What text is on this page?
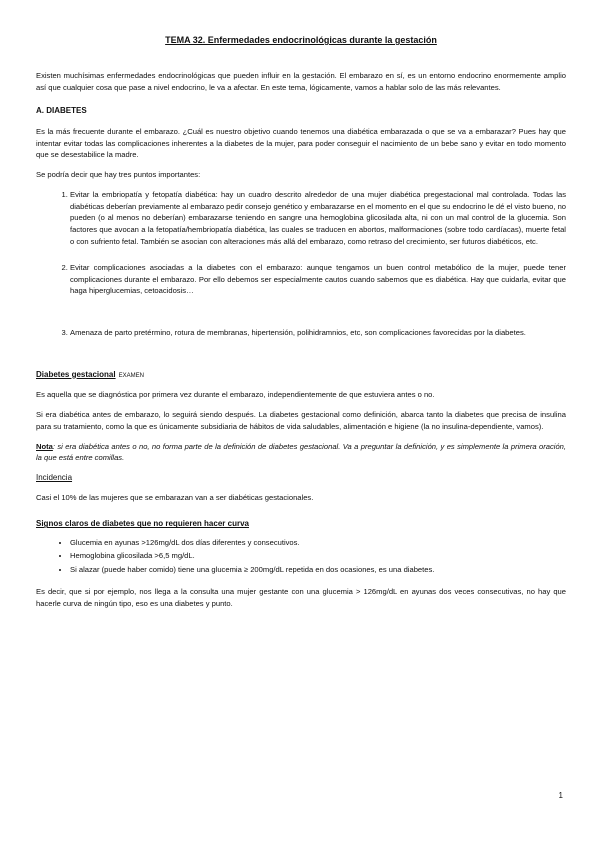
TEMA 32. Enfermedades endocrinológicas durante la gestación

Existen muchísimas enfermedades endocrinológicas que pueden influir en la gestación. El embarazo en sí, es un entorno endocrino enormemente amplio así que cualquier cosa que pase a nivel endocrino, le va a afectar. En este tema, lógicamente, vamos a hablar solo de las más relevantes.

A. DIABETES

Es la más frecuente durante el embarazo. ¿Cuál es nuestro objetivo cuando tenemos una diabética embarazada o que se va a embarazar? Pues hay que intentar evitar todas las complicaciones inherentes a la diabetes de la mujer, para poder conseguir el nacimiento de un bebe sano y evitar en todo momento que se desestabilice la madre.

Se podría decir que hay tres puntos importantes:

1. Evitar la embriopatía y fetopatía diabética: hay un cuadro descrito alrededor de una mujer diabética pregestacional mal controlada. Todas las diabéticas deberían previamente al embarazo pedir consejo genético y embarazarse en el momento en el que su endocrino le dé el visto bueno, no pueden (o al menos no deberían) embarazarse teniendo en sangre una hemoglobina glicosilada alta, ni con un mal control de la glucemia. Son factores que avocan a la fetopatía/hembriopatía diabética, las cuales se traducen en abortos, malformaciones (sobre todo cardíacas), muerte fetal o con sufriento fetal. También se asocian con alteraciones más allá del embarazo, como retraso del crecimiento, ser futuros diabéticos, etc.
2. Evitar complicaciones asociadas a la diabetes con el embarazo: aunque tengamos un buen control metabólico de la mujer, puede tener complicaciones durante el embarazo. Por ello debemos ser especialmente cautos cuando sabemos que es diabética. Hay que cuidarla, evitar que haga hiperglucemias, cetoacidosis…
3. Amenaza de parto pretérmino, rotura de membranas, hipertensión, polihidramnios, etc, son complicaciones favorecidas por la diabetes.
Diabetes gestacional EXAMEN

Es aquella que se diagnóstica por primera vez durante el embarazo, independientemente de que estuviera antes o no.

Si era diabética antes de embarazo, lo seguirá siendo después. La diabetes gestacional como definición, abarca tanto la diabetes que precisa de insulina para su tratamiento, como la que es únicamente subsidiaria de hábitos de vida saludables, alimentación e higiene (la no insulina-dependiente, vamos).

Nota: si era diabética antes o no, no forma parte de la definición de diabetes gestacional. Va a preguntar la definición, y es simplemente la primera oración, la que está entre comillas.

Incidencia

Casi el 10% de las mujeres que se embarazan van a ser diabéticas gestacionales.

Signos claros de diabetes que no requieren hacer curva
• Glucemia en ayunas >126mg/dL dos días diferentes y consecutivos.
• Hemoglobina glicosilada >6,5 mg/dL.
• Si alazar (puede haber comido) tiene una glucemia ≥ 200mg/dL repetida en dos ocasiones, es una diabetes.

Es decir, que si por ejemplo, nos llega a la consulta una mujer gestante con una glucemia > 126mg/dL en ayunas dos veces consecutivas, no hay que hacerle curva de ningún tipo, eso es una diabetes y punto.

1
